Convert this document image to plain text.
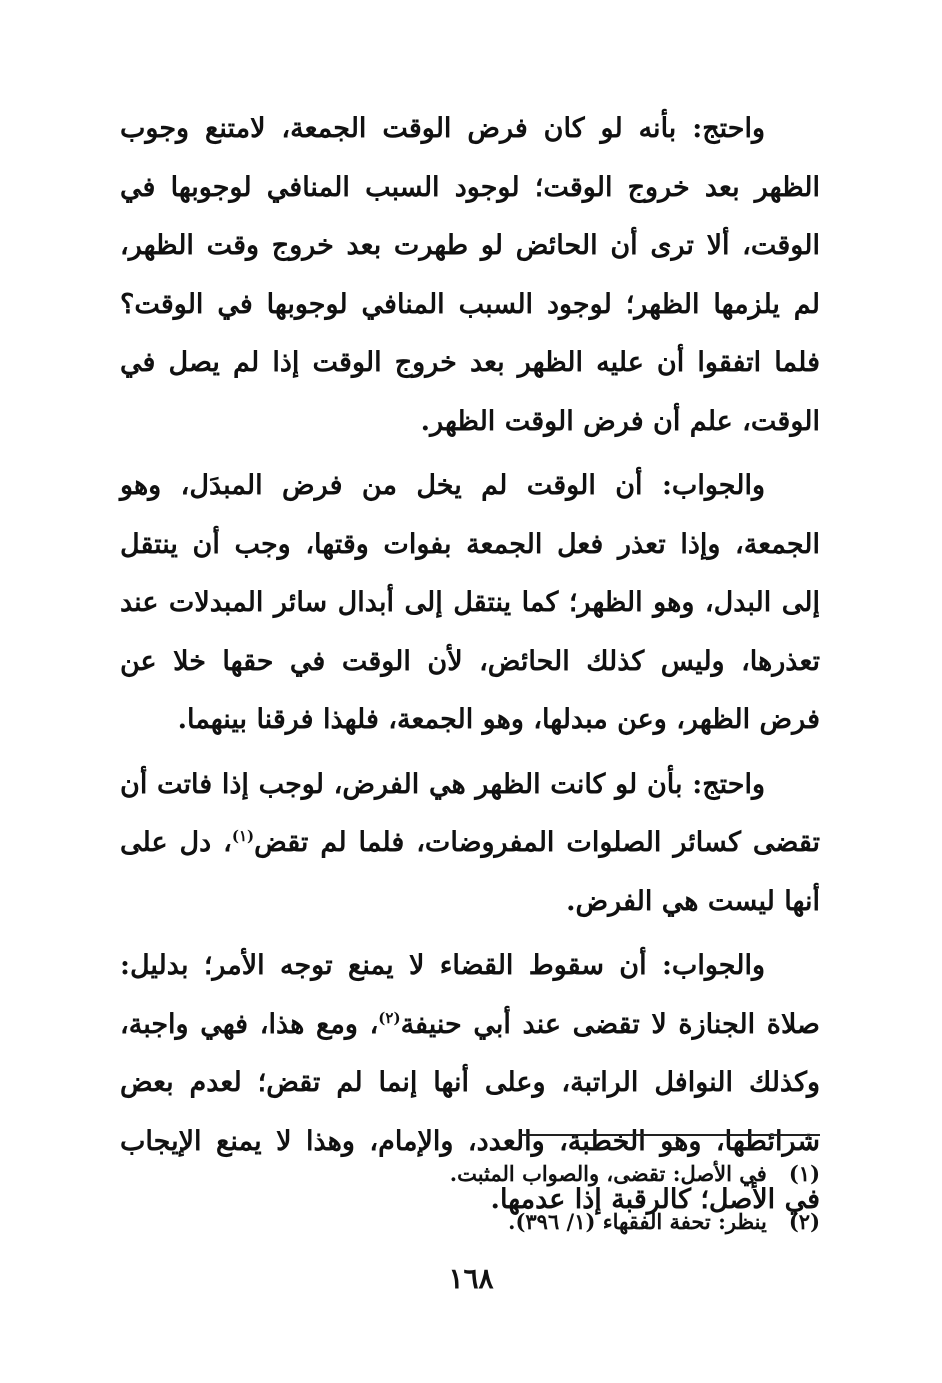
واحتج: بأنه لو كان فرض الوقت الجمعة، لامتنع وجوب الظهر بعد خروج الوقت؛ لوجود السبب المنافي لوجوبها في الوقت، ألا ترى أن الحائض لو طهرت بعد خروج وقت الظهر، لم يلزمها الظهر؛ لوجود السبب المنافي لوجوبها في الوقت؟ فلما اتفقوا أن عليه الظهر بعد خروج الوقت إذا لم يصل في الوقت، علم أن فرض الوقت الظهر.

والجواب: أن الوقت لم يخل من فرض المبدَل، وهو الجمعة، وإذا تعذر فعل الجمعة بفوات وقتها، وجب أن ينتقل إلى البدل، وهو الظهر؛ كما ينتقل إلى أبدال سائر المبدلات عند تعذرها، وليس كذلك الحائض، لأن الوقت في حقها خلا عن فرض الظهر، وعن مبدلها، وهو الجمعة، فلهذا فرقنا بينهما.

واحتج: بأن لو كانت الظهر هي الفرض، لوجب إذا فاتت أن تقضى كسائر الصلوات المفروضات، فلما لم تقض$^{(١)}$، دل على أنها ليست هي الفرض.

والجواب: أن سقوط القضاء لا يمنع توجه الأمر؛ بدليل: صلاة الجنازة لا تقضى عند أبي حنيفة$^{(٢)}$، ومع هذا، فهي واجبة، وكذلك النوافل الراتبة، وعلى أنها إنما لم تقض؛ لعدم بعض شرائطها، وهو الخطبة، والعدد، والإمام، وهذا لا يمنع الإيجاب في الأصل؛ كالرقبة إذا عدمها.

(١)في الأصل: تقضى، والصواب المثبت.
(٢)ينظر: تحفة الفقهاء (١/ ٣٩٦).
١٦٨
